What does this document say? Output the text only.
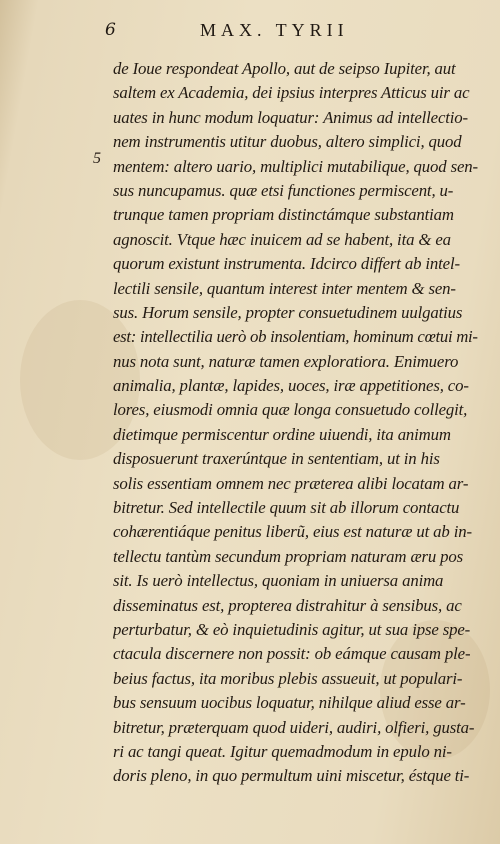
6	MAX. TYRII
5
de Ioue respondeat Apollo, aut de seipso Iupiter, aut
saltem ex Academia, dei ipsius interpres Atticus uir ac
uates in hunc modum loquatur: Animus ad intellectio-
nem instrumentis utitur duobus, altero simplici, quod
mentem: altero uario, multiplici mutabilique, quod sen-
sus nuncupamus. quæ etsi functiones permiscent, u-
trunque tamen propriam distinctámque substantiam
agnoscit. Vtque hæc inuicem ad se habent, ita & ea
quorum existunt instrumenta. Idcirco differt ab intel-
lectili sensile, quantum interest inter mentem & sen-
sus. Horum sensile, propter consuetudinem uulgatius
est: intellectilia uerò ob insolentiam, hominum cœtui mi-
nus nota sunt, naturæ tamen exploratiora. Enimuero
animalia, plantæ, lapides, uoces, iræ appetitiones, co-
lores, eiusmodi omnia quæ longa consuetudo collegit,
dietimque permiscentur ordine uiuendi, ita animum
disposuerunt traxerúntque in sententiam, ut in his
solis essentiam omnem nec præterea alibi locatam ar-
bitretur. Sed intellectile quum sit ab illorum contactu
cohærentiáque penitus liberũ, eius est naturæ ut ab in-
tellectu tantùm secundum propriam naturam æru pos
sit. Is uerò intellectus, quoniam in uniuersa anima
disseminatus est, propterea distrahitur à sensibus, ac
perturbatur, & eò inquietudinis agitur, ut sua ipse spe-
ctacula discernere non possit: ob eámque causam ple-
beius factus, ita moribus plebis assueuit, ut populari-
bus sensuum uocibus loquatur, nihilque aliud esse ar-
bitretur, præterquam quod uideri, audiri, olfieri, gusta-
ri ac tangi queat. Igitur quemadmodum in epulo ni-
doris pleno, in quo permultum uini miscetur, éstque ti-
